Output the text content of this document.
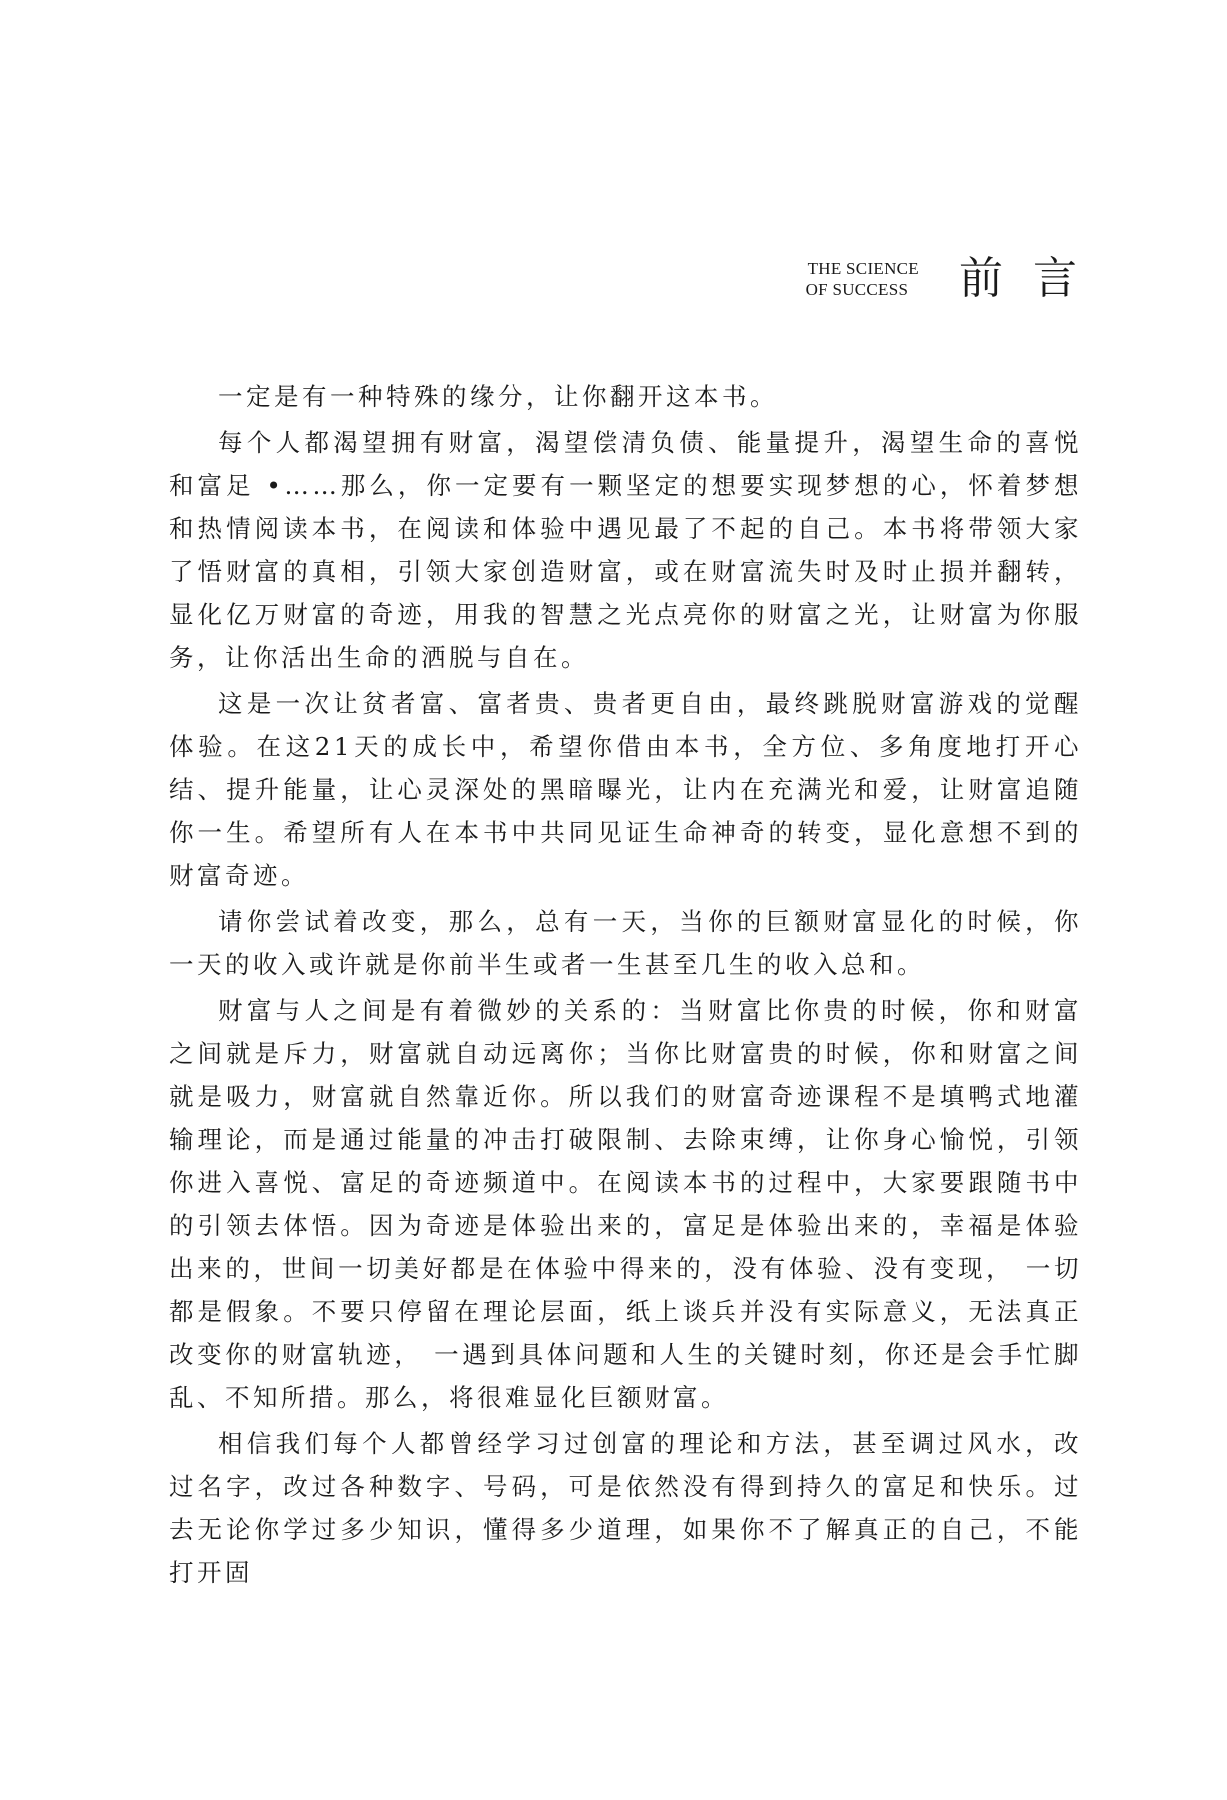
THE SCIENCE
OF SUCCESS 前言

一定是有一种特殊的缘分，让你翻开这本书。

每个人都渴望拥有财富，渴望偿清负债、能量提升，渴望生命的喜悦和富足 •……那么，你一定要有一颗坚定的想要实现梦想的心，怀着梦想和热情阅读本书，在阅读和体验中遇见最了不起的自己。本书将带领大家了悟财富的真相，引领大家创造财富，或在财富流失时及时止损并翻转，显化亿万财富的奇迹，用我的智慧之光点亮你的财富之光，让财富为你服务，让你活出生命的洒脱与自在。

这是一次让贫者富、富者贵、贵者更自由，最终跳脱财富游戏的觉醒体验。在这21天的成长中，希望你借由本书，全方位、多角度地打开心结、提升能量，让心灵深处的黑暗曝光，让内在充满光和爱，让财富追随你一生。希望所有人在本书中共同见证生命神奇的转变，显化意想不到的财富奇迹。

请你尝试着改变，那么，总有一天，当你的巨额财富显化的时候，你一天的收入或许就是你前半生或者一生甚至几生的收入总和。

财富与人之间是有着微妙的关系的：当财富比你贵的时候，你和财富之间就是斥力，财富就自动远离你；当你比财富贵的时候，你和财富之间就是吸力，财富就自然靠近你。所以我们的财富奇迹课程不是填鸭式地灌输理论，而是通过能量的冲击打破限制、去除束缚，让你身心愉悦，引领你进入喜悦、富足的奇迹频道中。在阅读本书的过程中，大家要跟随书中的引领去体悟。因为奇迹是体验出来的，富足是体验出来的，幸福是体验出来的，世间一切美好都是在体验中得来的，没有体验、没有变现， 一切都是假象。不要只停留在理论层面，纸上谈兵并没有实际意义，无法真正改变你的财富轨迹， 一遇到具体问题和人生的关键时刻，你还是会手忙脚乱、不知所措。那么，将很难显化巨额财富。

相信我们每个人都曾经学习过创富的理论和方法，甚至调过风水，改过名字，改过各种数字、号码，可是依然没有得到持久的富足和快乐。过去无论你学过多少知识，懂得多少道理，如果你不了解真正的自己，不能打开固
